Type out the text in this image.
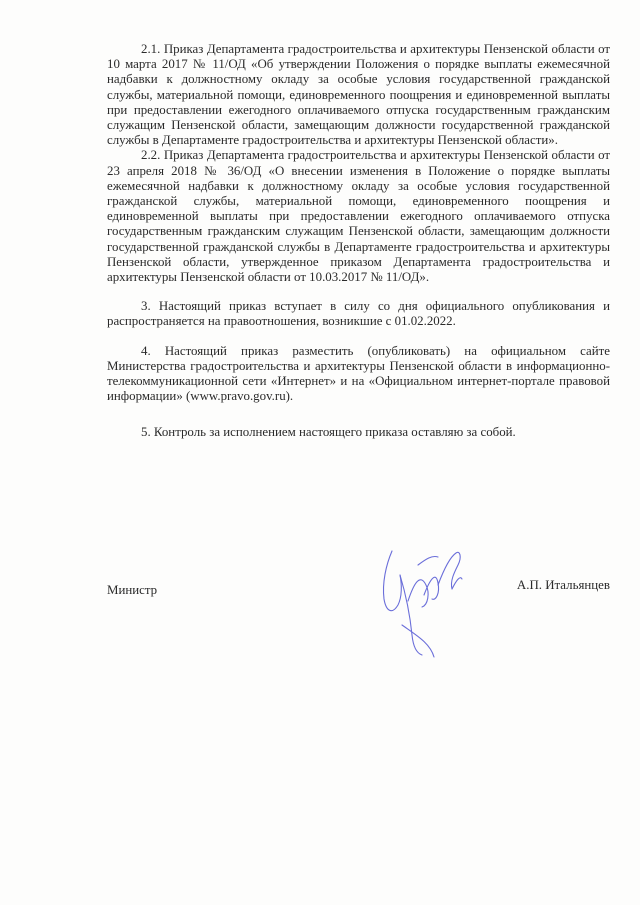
2.1. Приказ Департамента градостроительства и архитектуры Пензенской области от 10 марта 2017 № 11/ОД «Об утверждении Положения о порядке выплаты ежемесячной надбавки к должностному окладу за особые условия государственной гражданской службы, материальной помощи, единовременного поощрения и единовременной выплаты при предоставлении ежегодного оплачиваемого отпуска государственным гражданским служащим Пензенской области, замещающим должности государственной гражданской службы в Департаменте градостроительства и архитектуры Пензенской области».

2.2. Приказ Департамента градостроительства и архитектуры Пензенской области от 23 апреля 2018 № 36/ОД «О внесении изменения в Положение о порядке выплаты ежемесячной надбавки к должностному окладу за особые условия государственной гражданской службы, материальной помощи, единовременного поощрения и единовременной выплаты при предоставлении ежегодного оплачиваемого отпуска государственным гражданским служащим Пензенской области, замещающим должности государственной гражданской службы в Департаменте градостроительства и архитектуры Пензенской области, утвержденное приказом Департамента градостроительства и архитектуры Пензенской области от 10.03.2017 № 11/ОД».

3. Настоящий приказ вступает в силу со дня официального опубликования и распространяется на правоотношения, возникшие с 01.02.2022.

4. Настоящий приказ разместить (опубликовать) на официальном сайте Министерства градостроительства и архитектуры Пензенской области в информационно-телекоммуникационной сети «Интернет» и на «Официальном интернет-портале правовой информации» (www.pravo.gov.ru).

5. Контроль за исполнением настоящего приказа оставляю за собой.

Министр	А.П. Итальянцев
